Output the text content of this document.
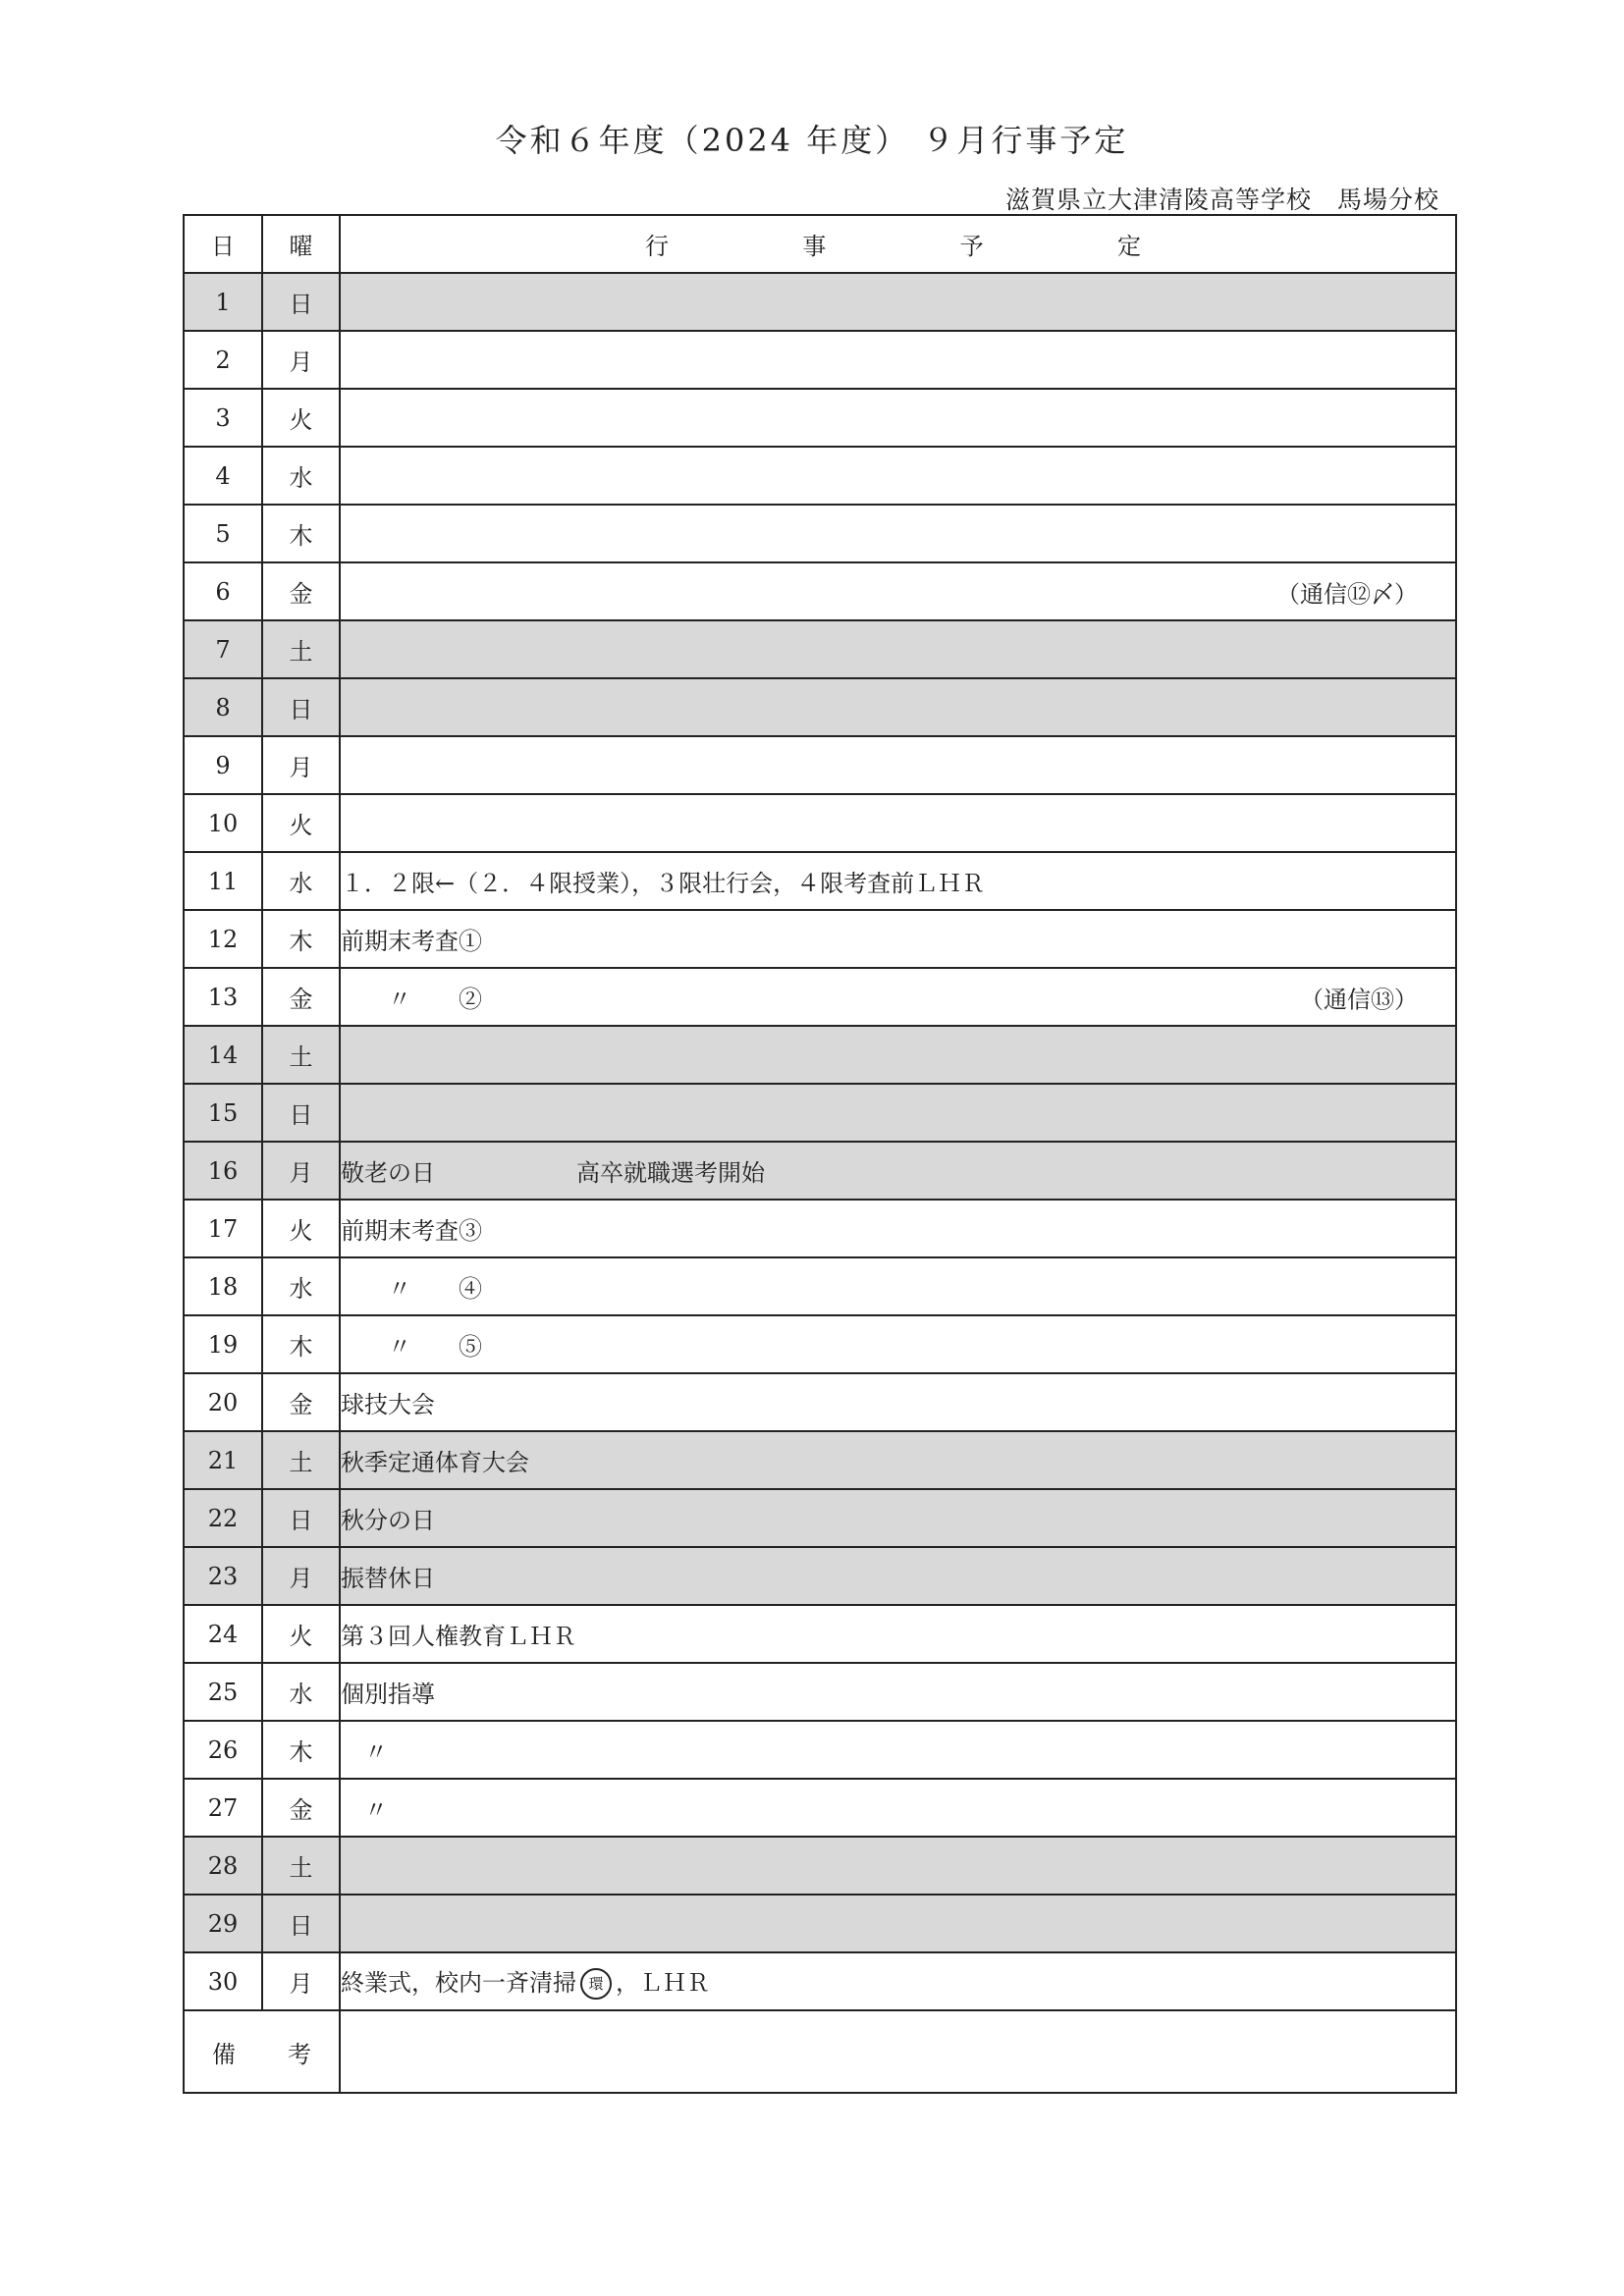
令和６年度（2024 年度） ９月行事予定
滋賀県立大津清陵高等学校　馬場分校
日	曜	行 事 予 定

1	日	
2	月	
3	火	
4	水	
5	木	
6	金	（通信⑫〆）

7	土	
8	日	
9	月	
10	火	
11	水	１．２限←（２．４限授業），３限壮行会，４限考査前ＬＨＲ
12	木	前期末考査①
13	金	　　〃　　② （通信⑬）

14	土	
15	日	
16	月	敬老の日　　　　　　高卒就職選考開始
17	火	前期末考査③
18	水	　　〃　　④
19	木	　　〃　　⑤
20	金	球技大会
21	土	秋季定通体育大会
22	日	秋分の日
23	月	振替休日
24	火	第３回人権教育ＬＨＲ
25	水	個別指導
26	木	　〃
27	金	　〃
28	土	
29	日	
30	月	終業式，校内一斉清掃 環 ，ＬＨＲ

備 考		
